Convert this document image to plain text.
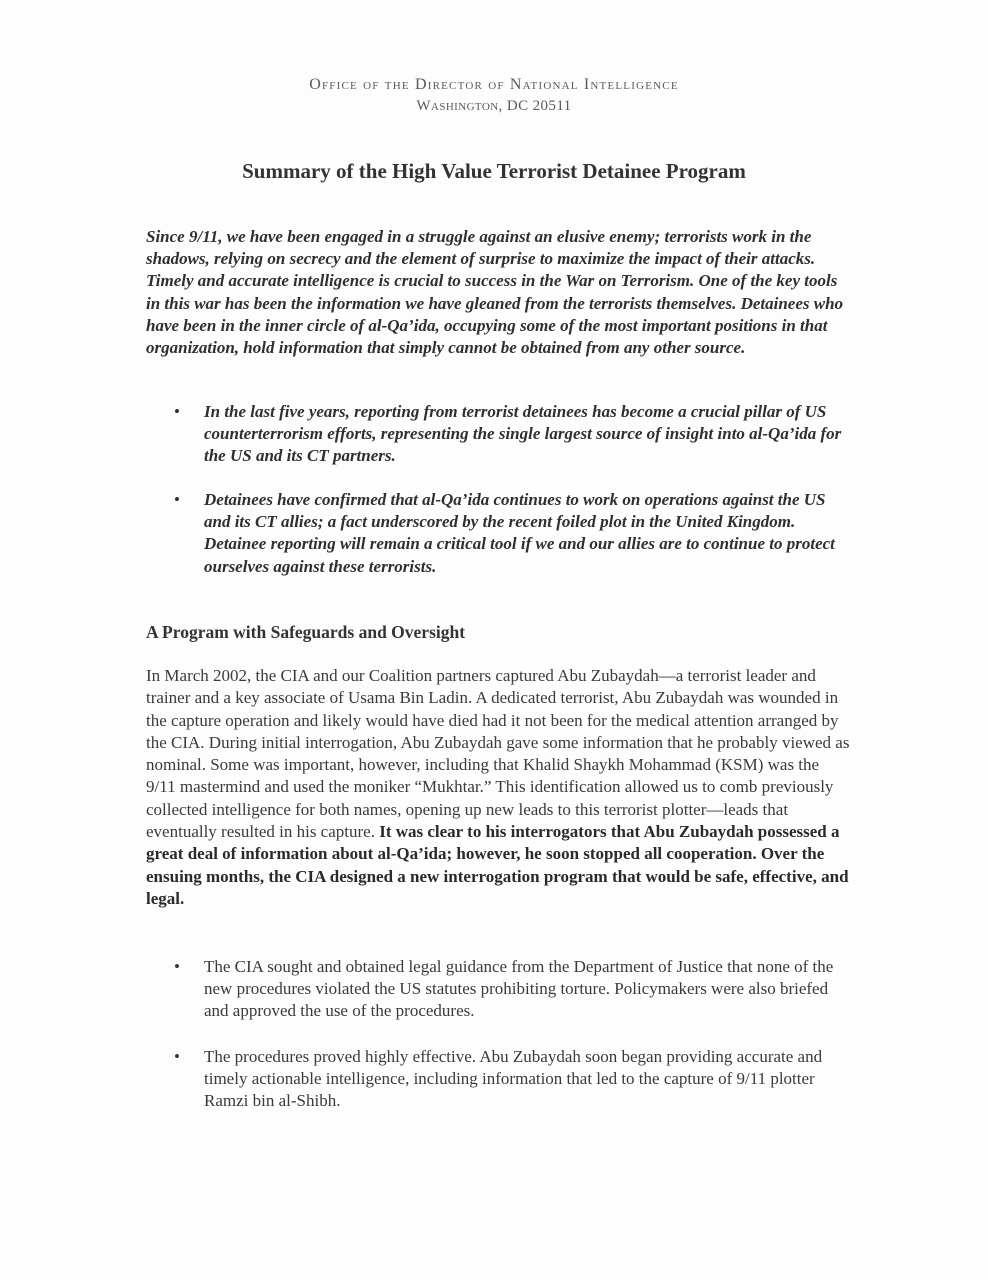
Office of the Director of National Intelligence
Washington, DC 20511
Summary of the High Value Terrorist Detainee Program
Since 9/11, we have been engaged in a struggle against an elusive enemy; terrorists work in the shadows, relying on secrecy and the element of surprise to maximize the impact of their attacks. Timely and accurate intelligence is crucial to success in the War on Terrorism. One of the key tools in this war has been the information we have gleaned from the terrorists themselves. Detainees who have been in the inner circle of al-Qa’ida, occupying some of the most important positions in that organization, hold information that simply cannot be obtained from any other source.
• In the last five years, reporting from terrorist detainees has become a crucial pillar of US counterterrorism efforts, representing the single largest source of insight into al-Qa’ida for the US and its CT partners.
• Detainees have confirmed that al-Qa’ida continues to work on operations against the US and its CT allies; a fact underscored by the recent foiled plot in the United Kingdom. Detainee reporting will remain a critical tool if we and our allies are to continue to protect ourselves against these terrorists.
A Program with Safeguards and Oversight
In March 2002, the CIA and our Coalition partners captured Abu Zubaydah—a terrorist leader and trainer and a key associate of Usama Bin Ladin. A dedicated terrorist, Abu Zubaydah was wounded in the capture operation and likely would have died had it not been for the medical attention arranged by the CIA. During initial interrogation, Abu Zubaydah gave some information that he probably viewed as nominal. Some was important, however, including that Khalid Shaykh Mohammad (KSM) was the 9/11 mastermind and used the moniker “Mukhtar.” This identification allowed us to comb previously collected intelligence for both names, opening up new leads to this terrorist plotter—leads that eventually resulted in his capture. It was clear to his interrogators that Abu Zubaydah possessed a great deal of information about al-Qa’ida; however, he soon stopped all cooperation. Over the ensuing months, the CIA designed a new interrogation program that would be safe, effective, and legal.
• The CIA sought and obtained legal guidance from the Department of Justice that none of the new procedures violated the US statutes prohibiting torture. Policymakers were also briefed and approved the use of the procedures.
• The procedures proved highly effective. Abu Zubaydah soon began providing accurate and timely actionable intelligence, including information that led to the capture of 9/11 plotter Ramzi bin al-Shibh.
